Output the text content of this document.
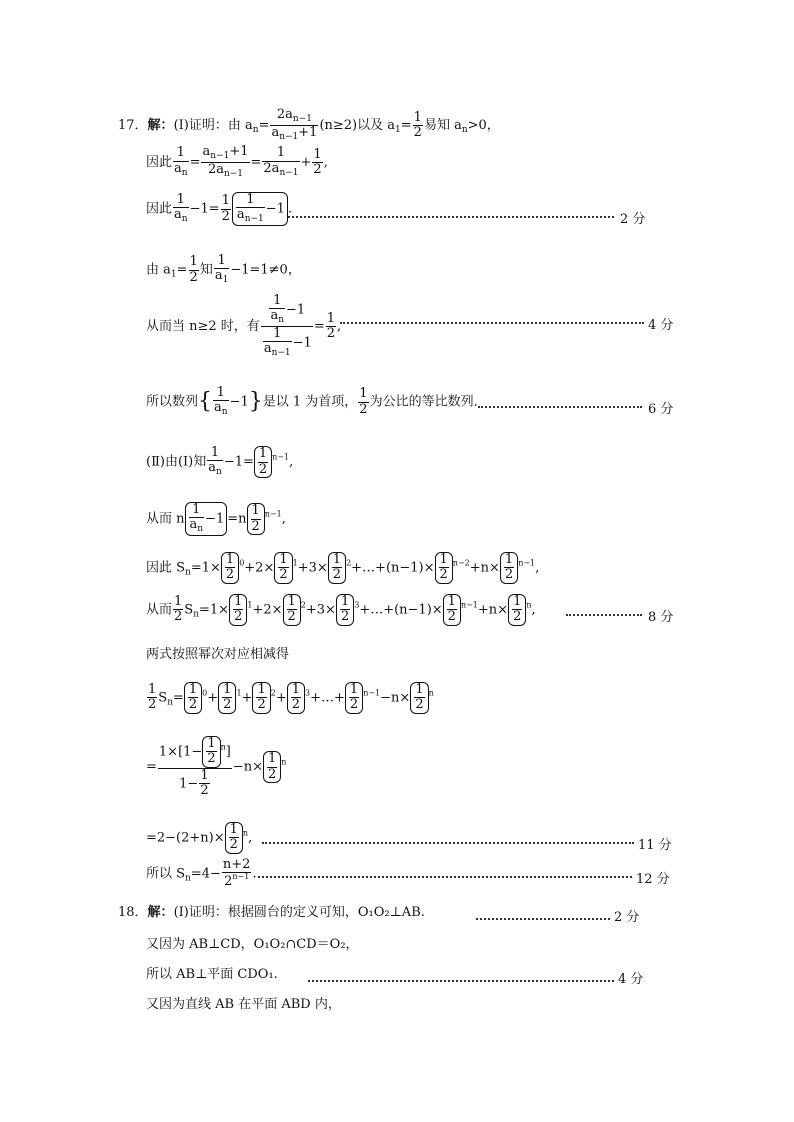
17．解：(Ⅰ)证明：由 $a_n= \frac{2a_{n-1}}{a_{n-1}+1} (n\ge 2)$以及 $a_1= \frac{1}{2}$ 易知 $a_n>0$，
因此 $\frac{1}{a_n} = \frac{a_{n-1}+1}{2a_{n-1}} = \frac{1}{2a_{n-1}} + \frac{1}{2}$ ,
因此 $\frac{1}{a_n} -1= \frac{1}{2} \frac{1}{a_{n-1}} -1$ .
2 分
由 $a_1= \frac{1}{2}$ 知 $\frac{1}{a_1} -1=1\ne 0$，
从而当 n≥2 时，有 $\frac{\frac{1}{a_n} -1}{\frac{1}{a_{n-1}} -1} = \frac{1}{2}$ ,	4 分
所以数列{ $\frac{1}{a_n} -1$}是以 1 为首项， $\frac{1}{2}$ 为公比的等比数列．	6 分
(Ⅱ)由(Ⅰ)知 $\frac{1}{a_n} -1= \frac{1}{2} ^{n-1}$,
从而 n $\frac{1}{a_n} -1 =n \frac{1}{2} ^{n-1}$,
因此 $S_n=1\times \frac{1}{2} ^0+2\times \frac{1}{2} ^1+3\times \frac{1}{2}$ $^2$+…+(n−1)× $\frac{1}{2} ^{n-2}+n\times \frac{1}{2} ^{n-1}$,
从而 $\frac{1}{2} S_n=1\times \frac{1}{2} ^1+2\times \frac{1}{2} ^2+3\times \frac{1}{2}$ $^3$+…+(n−1)× $\frac{1}{2} ^{n-1}+n\times \frac{1}{2} ^n$,
8 分
两式按照幂次对应相减得
$\frac{1}{2} S_n= \frac{1}{2} ^0+ \frac{1}{2} ^1+ \frac{1}{2} ^2+ \frac{1}{2}$ $^3$+…+ $\frac{1}{2} ^{n-1}-n\times \frac{1}{2} ^n$
= $\frac{1\times[1- \frac{1}{2} ^n]}{1- \frac{1}{2}} -n\times \frac{1}{2} ^n$
$=2-(2+n)\times \frac{1}{2} ^n$,
11 分
所以 $S_n=4- \frac{n+2}{2^{n-1}}$ .	12 分
18．解：(Ⅰ)证明：根据圆台的定义可知，O₁O₂⊥AB.	2 分
又因为 AB⊥CD，O₁O₂∩CD＝O₂，
所以 AB⊥平面 CDO₁.	4 分
又因为直线 AB 在平面 ABD 内，
